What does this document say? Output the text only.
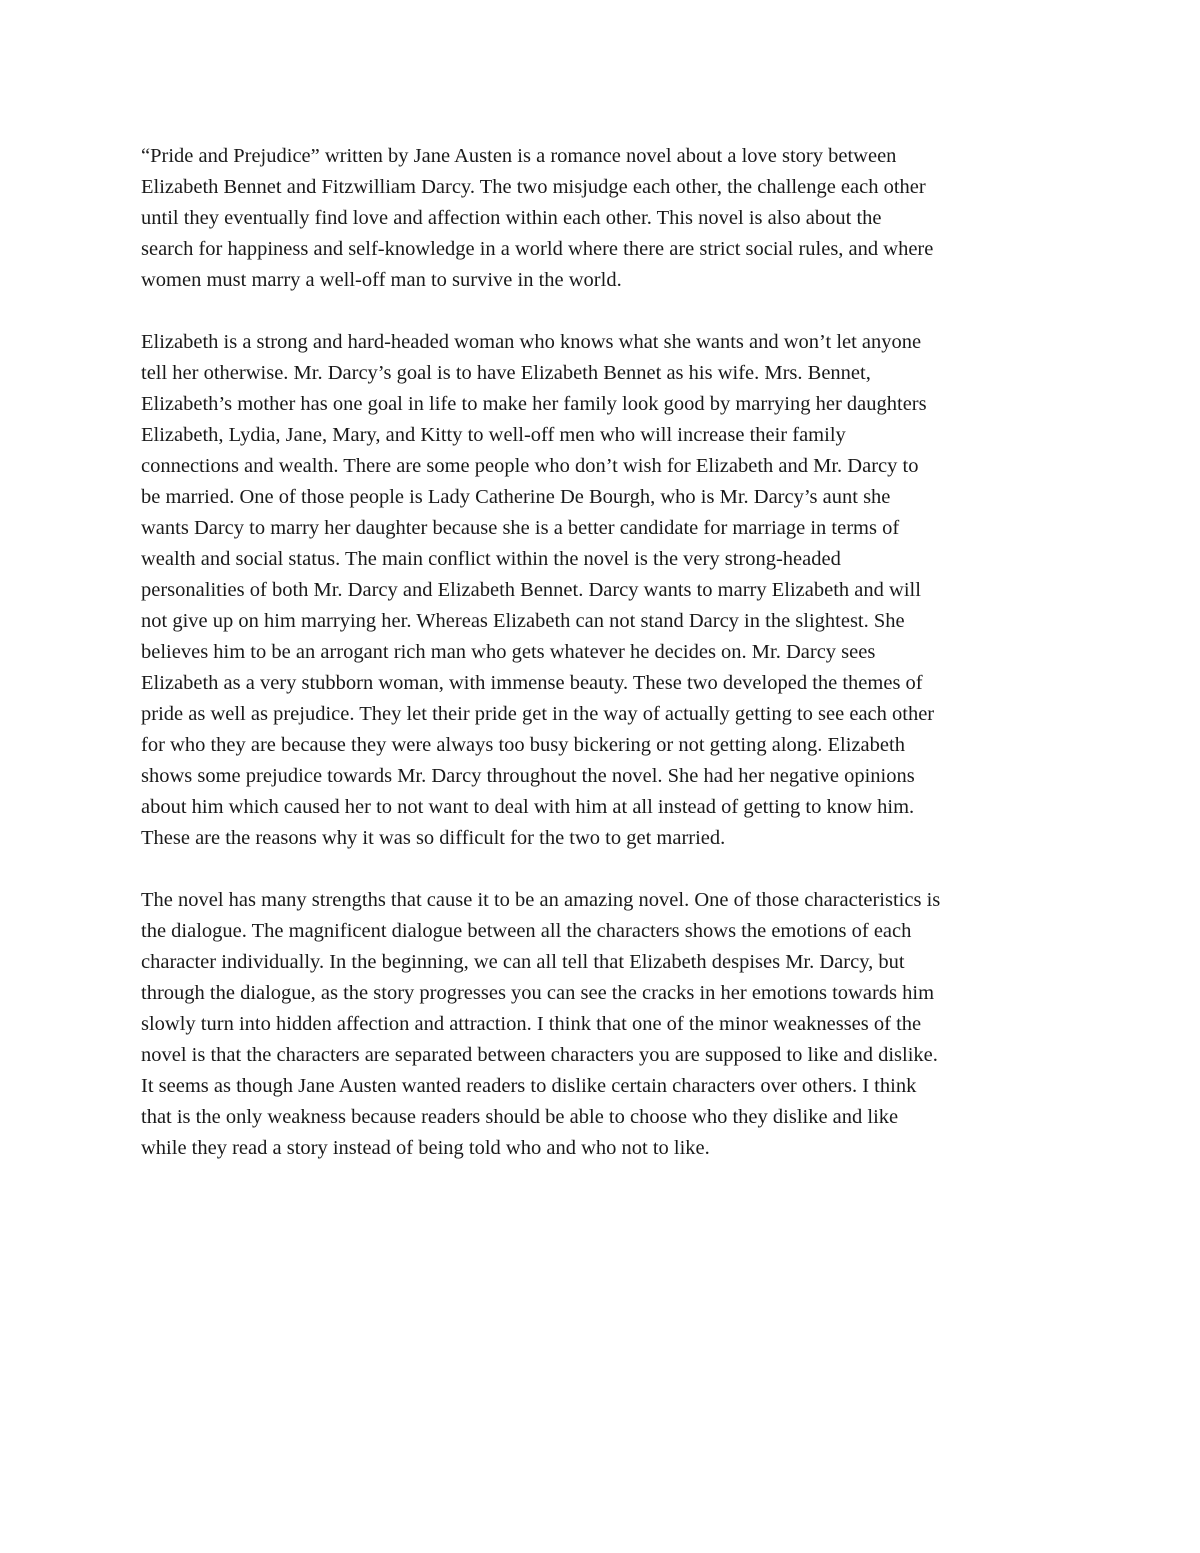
“Pride and Prejudice” written by Jane Austen is a romance novel about a love story between
Elizabeth Bennet and Fitzwilliam Darcy. The two misjudge each other, the challenge each other
until they eventually find love and affection within each other. This novel is also about the
search for happiness and self-knowledge in a world where there are strict social rules, and where
women must marry a well-off man to survive in the world.

Elizabeth is a strong and hard-headed woman who knows what she wants and won’t let anyone
tell her otherwise. Mr. Darcy’s goal is to have Elizabeth Bennet as his wife. Mrs. Bennet,
Elizabeth’s mother has one goal in life to make her family look good by marrying her daughters
Elizabeth, Lydia, Jane, Mary, and Kitty to well-off men who will increase their family
connections and wealth. There are some people who don’t wish for Elizabeth and Mr. Darcy to
be married. One of those people is Lady Catherine De Bourgh, who is Mr. Darcy’s aunt she
wants Darcy to marry her daughter because she is a better candidate for marriage in terms of
wealth and social status. The main conflict within the novel is the very strong-headed
personalities of both Mr. Darcy and Elizabeth Bennet. Darcy wants to marry Elizabeth and will
not give up on him marrying her. Whereas Elizabeth can not stand Darcy in the slightest. She
believes him to be an arrogant rich man who gets whatever he decides on. Mr. Darcy sees
Elizabeth as a very stubborn woman, with immense beauty. These two developed the themes of
pride as well as prejudice. They let their pride get in the way of actually getting to see each other
for who they are because they were always too busy bickering or not getting along. Elizabeth
shows some prejudice towards Mr. Darcy throughout the novel. She had her negative opinions
about him which caused her to not want to deal with him at all instead of getting to know him.
These are the reasons why it was so difficult for the two to get married.

The novel has many strengths that cause it to be an amazing novel. One of those characteristics is
the dialogue. The magnificent dialogue between all the characters shows the emotions of each
character individually. In the beginning, we can all tell that Elizabeth despises Mr. Darcy, but
through the dialogue, as the story progresses you can see the cracks in her emotions towards him
slowly turn into hidden affection and attraction. I think that one of the minor weaknesses of the
novel is that the characters are separated between characters you are supposed to like and dislike.
It seems as though Jane Austen wanted readers to dislike certain characters over others. I think
that is the only weakness because readers should be able to choose who they dislike and like
while they read a story instead of being told who and who not to like.
